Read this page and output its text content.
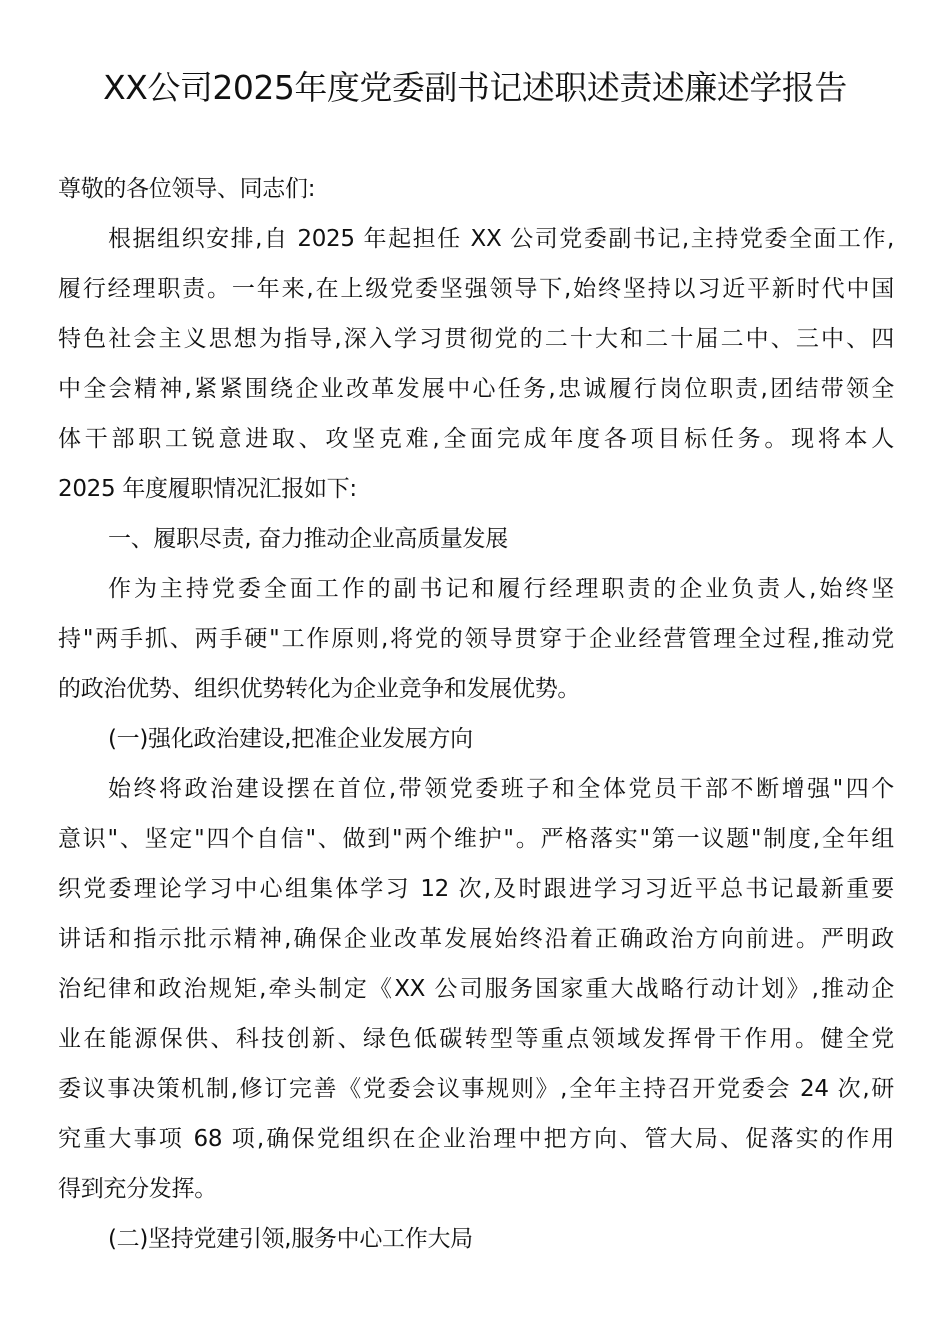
XX公司2025年度党委副书记述职述责述廉述学报告
尊敬的各位领导、同志们:
根据组织安排,自 2025 年起担任 XX 公司党委副书记,主持党委全面工作,
履行经理职责。一年来,在上级党委坚强领导下,始终坚持以习近平新时代中国
特色社会主义思想为指导,深入学习贯彻党的二十大和二十届二中、三中、四
中全会精神,紧紧围绕企业改革发展中心任务,忠诚履行岗位职责,团结带领全
体干部职工锐意进取、攻坚克难,全面完成年度各项目标任务。现将本人
2025 年度履职情况汇报如下:
一、履职尽责, 奋力推动企业高质量发展
作为主持党委全面工作的副书记和履行经理职责的企业负责人,始终坚
持"两手抓、两手硬"工作原则,将党的领导贯穿于企业经营管理全过程,推动党
的政治优势、组织优势转化为企业竞争和发展优势。
(一)强化政治建设,把准企业发展方向
始终将政治建设摆在首位,带领党委班子和全体党员干部不断增强"四个
意识"、坚定"四个自信"、做到"两个维护"。严格落实"第一议题"制度,全年组
织党委理论学习中心组集体学习 12 次,及时跟进学习习近平总书记最新重要
讲话和指示批示精神,确保企业改革发展始终沿着正确政治方向前进。严明政
治纪律和政治规矩,牵头制定《XX 公司服务国家重大战略行动计划》,推动企
业在能源保供、科技创新、绿色低碳转型等重点领域发挥骨干作用。健全党
委议事决策机制,修订完善《党委会议事规则》,全年主持召开党委会 24 次,研
究重大事项 68 项,确保党组织在企业治理中把方向、管大局、促落实的作用
得到充分发挥。
(二)坚持党建引领,服务中心工作大局
